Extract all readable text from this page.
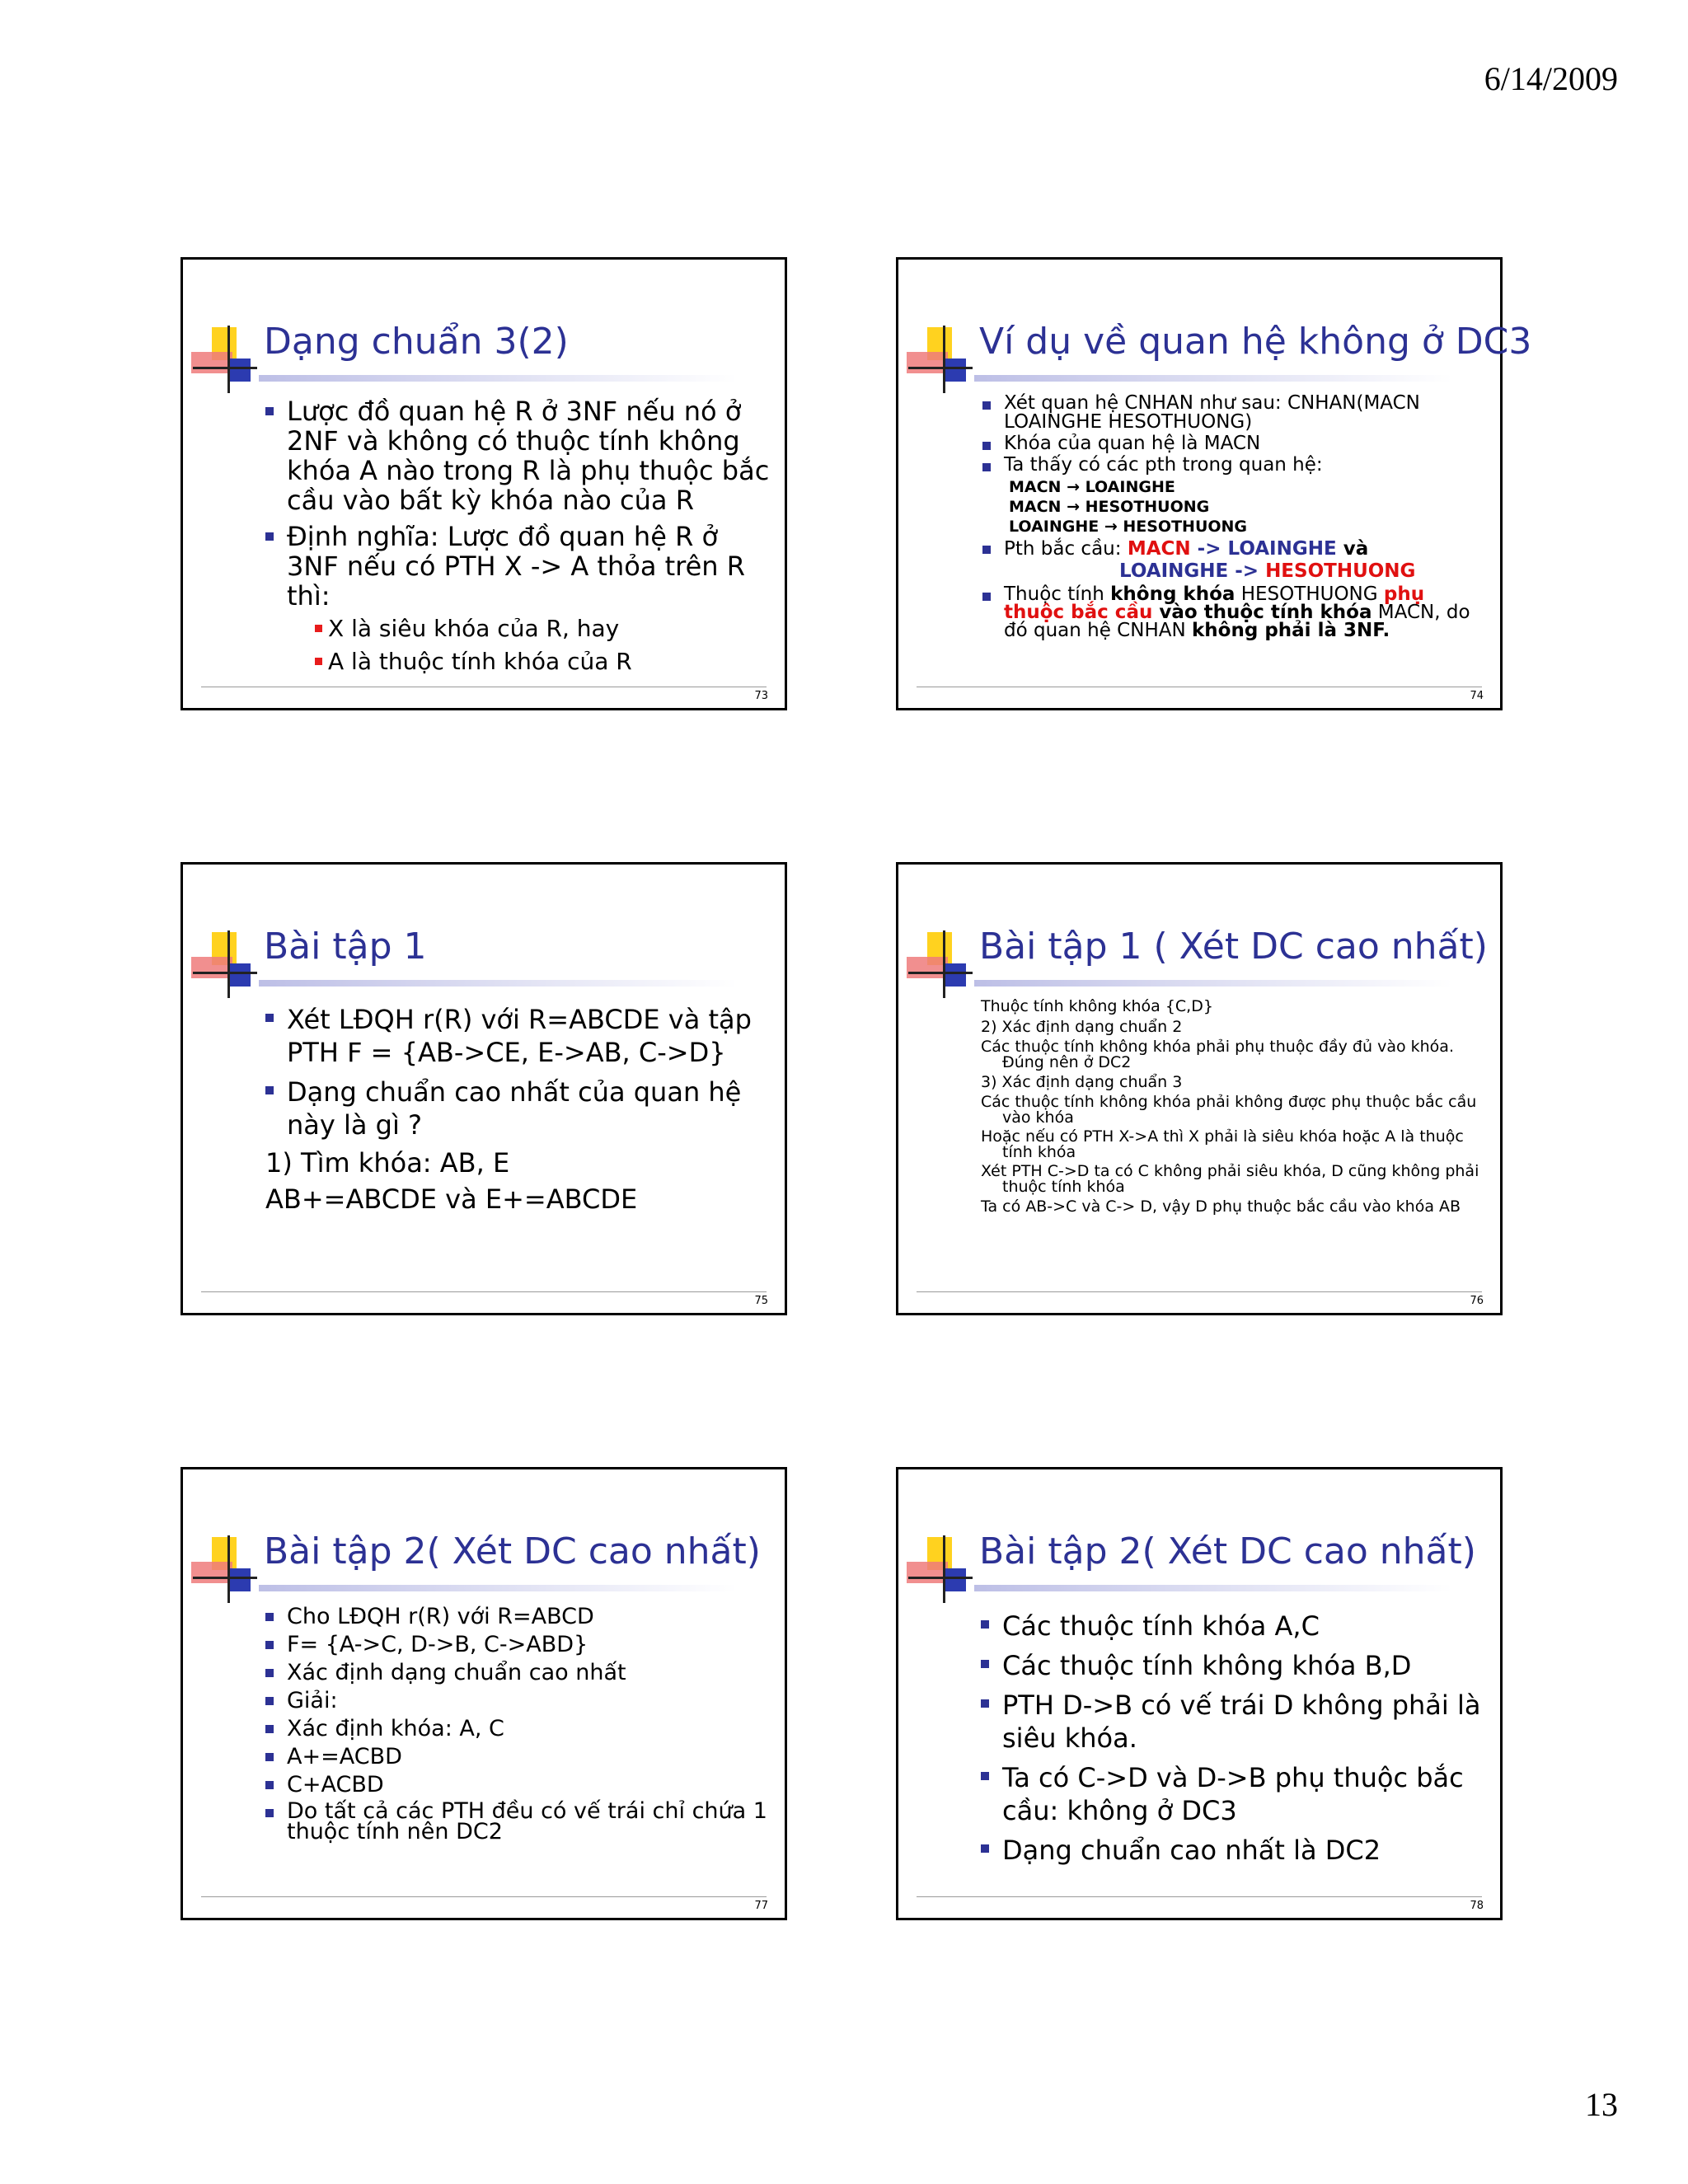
6/14/2009
Dạng chuẩn 3(2)
Lược đồ quan hệ R ở 3NF nếu nó ở 2NF và không có thuộc tính không khóa A nào trong R là phụ thuộc bắc cầu vào bất kỳ khóa nào của R
Định nghĩa: Lược đồ quan hệ R ở 3NF nếu có PTH X -> A thỏa trên R thì:
X là siêu khóa của R, hay
A là thuộc tính khóa của R
73
Ví dụ về quan hệ không ở DC3
Xét quan hệ CNHAN như sau: CNHAN(MACN LOAINGHE HESOTHUONG)
Khóa của quan hệ là MACN
Ta thấy có các pth trong quan hệ:
MACN → LOAINGHE
MACN → HESOTHUONG
LOAINGHE → HESOTHUONG
Pth bắc cầu: MACN -> LOAINGHE và
LOAINGHE -> HESOTHUONG
Thuộc tính không khóa HESOTHUONG phụ thuộc bắc cầu vào thuộc tính khóa MACN, do đó quan hệ CNHAN không phải là 3NF.
74
Bài tập 1
Xét LĐQH r(R) với R=ABCDE và tập PTH F = {AB->CE, E->AB, C->D}
Dạng chuẩn cao nhất của quan hệ này là gì ?
1) Tìm khóa: AB, E
AB+=ABCDE và E+=ABCDE
75
Bài tập 1 ( Xét DC cao nhất)
Thuộc tính không khóa {C,D}
2) Xác định dạng chuẩn 2
Các thuộc tính không khóa phải phụ thuộc đầy đủ vào khóa. Đúng nên ở DC2
3) Xác định dạng chuẩn 3
Các thuộc tính không khóa phải không được phụ thuộc bắc cầu vào khóa
Hoặc nếu có PTH X->A thì X phải là siêu khóa hoặc A là thuộc tính khóa
Xét PTH C->D ta có C không phải siêu khóa, D cũng không phải thuộc tính khóa
Ta có AB->C và C-> D, vậy D phụ thuộc bắc cầu vào khóa AB
76
Bài tập 2( Xét DC cao nhất)
Cho LĐQH r(R) với R=ABCD
F= {A->C, D->B, C->ABD}
Xác định dạng chuẩn cao nhất
Giải:
Xác định khóa: A, C
A+=ACBD
C+ACBD
Do tất cả các PTH đều có vế trái chỉ chứa 1 thuộc tính nên DC2
77
Bài tập 2( Xét DC cao nhất)
Các thuộc tính khóa A,C
Các thuộc tính không khóa B,D
PTH D->B có vế trái D không phải là siêu khóa.
Ta có C->D và D->B phụ thuộc bắc cầu: không ở DC3
Dạng chuẩn cao nhất là DC2
78
13
